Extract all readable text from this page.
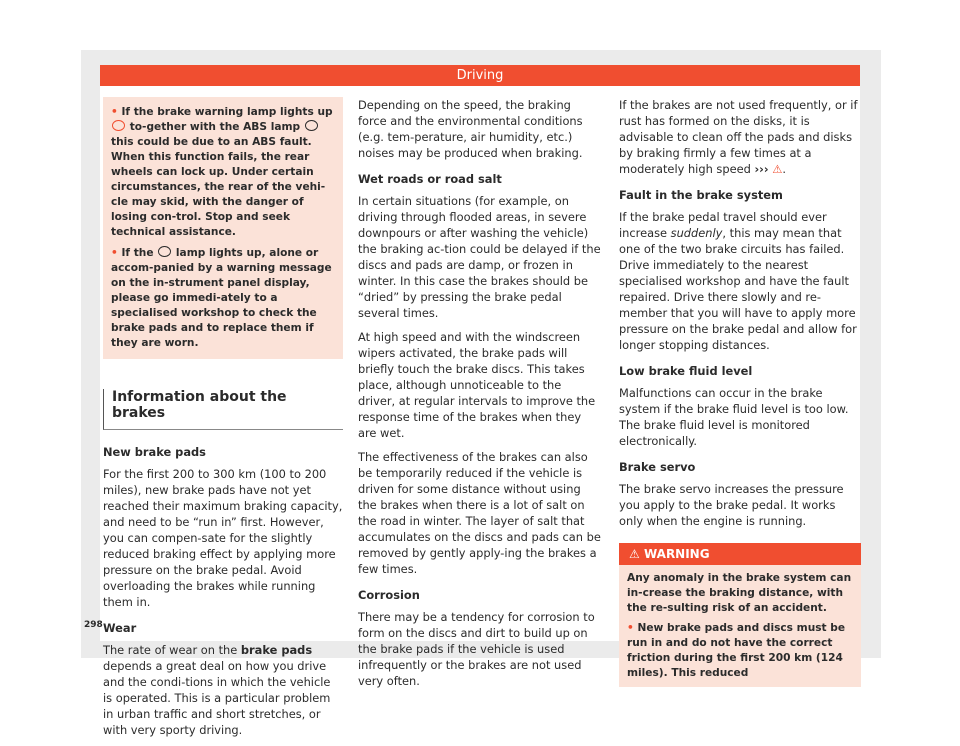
Driving
• If the brake warning lamp lights up  to-gether with the ABS lamp  this could be due to an ABS fault. When this function fails, the rear wheels can lock up. Under certain circumstances, the rear of the vehi-cle may skid, with the danger of losing con-trol. Stop and seek technical assistance.
• If the lamp lights up, alone or accom-panied by a warning message on the in-strument panel display, please go immedi-ately to a specialised workshop to check the brake pads and to replace them if they are worn.
Information about the brakes
New brake pads

For the first 200 to 300 km (100 to 200 miles), new brake pads have not yet reached their maximum braking capacity, and need to be “run in” first. However, you can compen-sate for the slightly reduced braking effect by applying more pressure on the brake pedal. Avoid overloading the brakes while running them in.

Wear

The rate of wear on the brake pads depends a great deal on how you drive and the condi-tions in which the vehicle is operated. This is a particular problem in urban traffic and short stretches, or with very sporty driving.

Depending on the speed, the braking force and the environmental conditions (e.g. tem-perature, air humidity, etc.) noises may be produced when braking.

Wet roads or road salt

In certain situations (for example, on driving through flooded areas, in severe downpours or after washing the vehicle) the braking ac-tion could be delayed if the discs and pads are damp, or frozen in winter. In this case the brakes should be “dried” by pressing the brake pedal several times.

At high speed and with the windscreen wipers activated, the brake pads will briefly touch the brake discs. This takes place, although unnoticeable to the driver, at regular intervals to improve the response time of the brakes when they are wet.

The effectiveness of the brakes can also be temporarily reduced if the vehicle is driven for some distance without using the brakes when there is a lot of salt on the road in winter. The layer of salt that accumulates on the discs and pads can be removed by gently apply-ing the brakes a few times.

Corrosion

There may be a tendency for corrosion to form on the discs and dirt to build up on the brake pads if the vehicle is used infrequently or the brakes are not used very often.

If the brakes are not used frequently, or if rust has formed on the disks, it is advisable to clean off the pads and disks by braking firmly a few times at a moderately high speed ››› ⚠.

Fault in the brake system

If the brake pedal travel should ever increase suddenly, this may mean that one of the two brake circuits has failed. Drive immediately to the nearest specialised workshop and have the fault repaired. Drive there slowly and re-member that you will have to apply more pressure on the brake pedal and allow for longer stopping distances.

Low brake fluid level

Malfunctions can occur in the brake system if the brake fluid level is too low. The brake fluid level is monitored electronically.

Brake servo

The brake servo increases the pressure you apply to the brake pedal. It works only when the engine is running.

⚠ WARNING
Any anomaly in the brake system can in-crease the braking distance, with the re-sulting risk of an accident.
• New brake pads and discs must be run in and do not have the correct friction during the first 200 km (124 miles). This reduced
298
